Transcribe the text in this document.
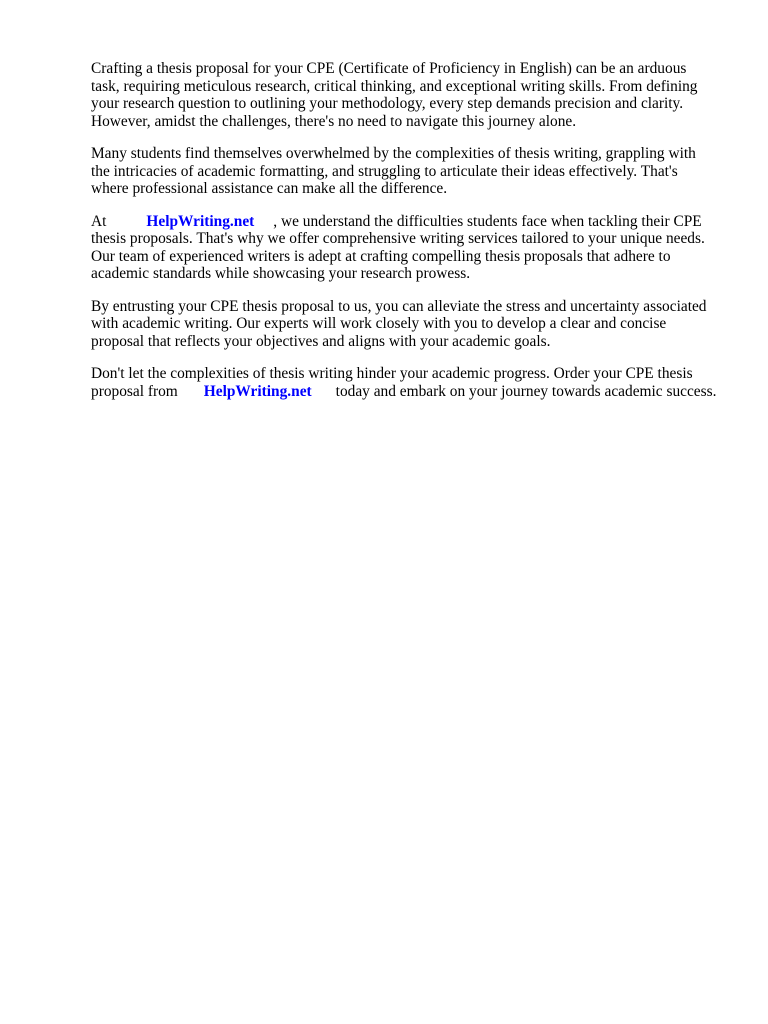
Crafting a thesis proposal for your CPE (Certificate of Proficiency in English) can be an arduous
task, requiring meticulous research, critical thinking, and exceptional writing skills. From defining
your research question to outlining your methodology, every step demands precision and clarity.
However, amidst the challenges, there's no need to navigate this journey alone.

Many students find themselves overwhelmed by the complexities of thesis writing, grappling with
the intricacies of academic formatting, and struggling to articulate their ideas effectively. That's
where professional assistance can make all the difference.

At	HelpWriting.net , we understand the difficulties students face when tackling their CPE
thesis proposals. That's why we offer comprehensive writing services tailored to your unique needs.
Our team of experienced writers is adept at crafting compelling thesis proposals that adhere to
academic standards while showcasing your research prowess.

By entrusting your CPE thesis proposal to us, you can alleviate the stress and uncertainty associated
with academic writing. Our experts will work closely with you to develop a clear and concise
proposal that reflects your objectives and aligns with your academic goals.

Don't let the complexities of thesis writing hinder your academic progress. Order your CPE thesis
proposal from HelpWriting.net today and embark on your journey towards academic success.
